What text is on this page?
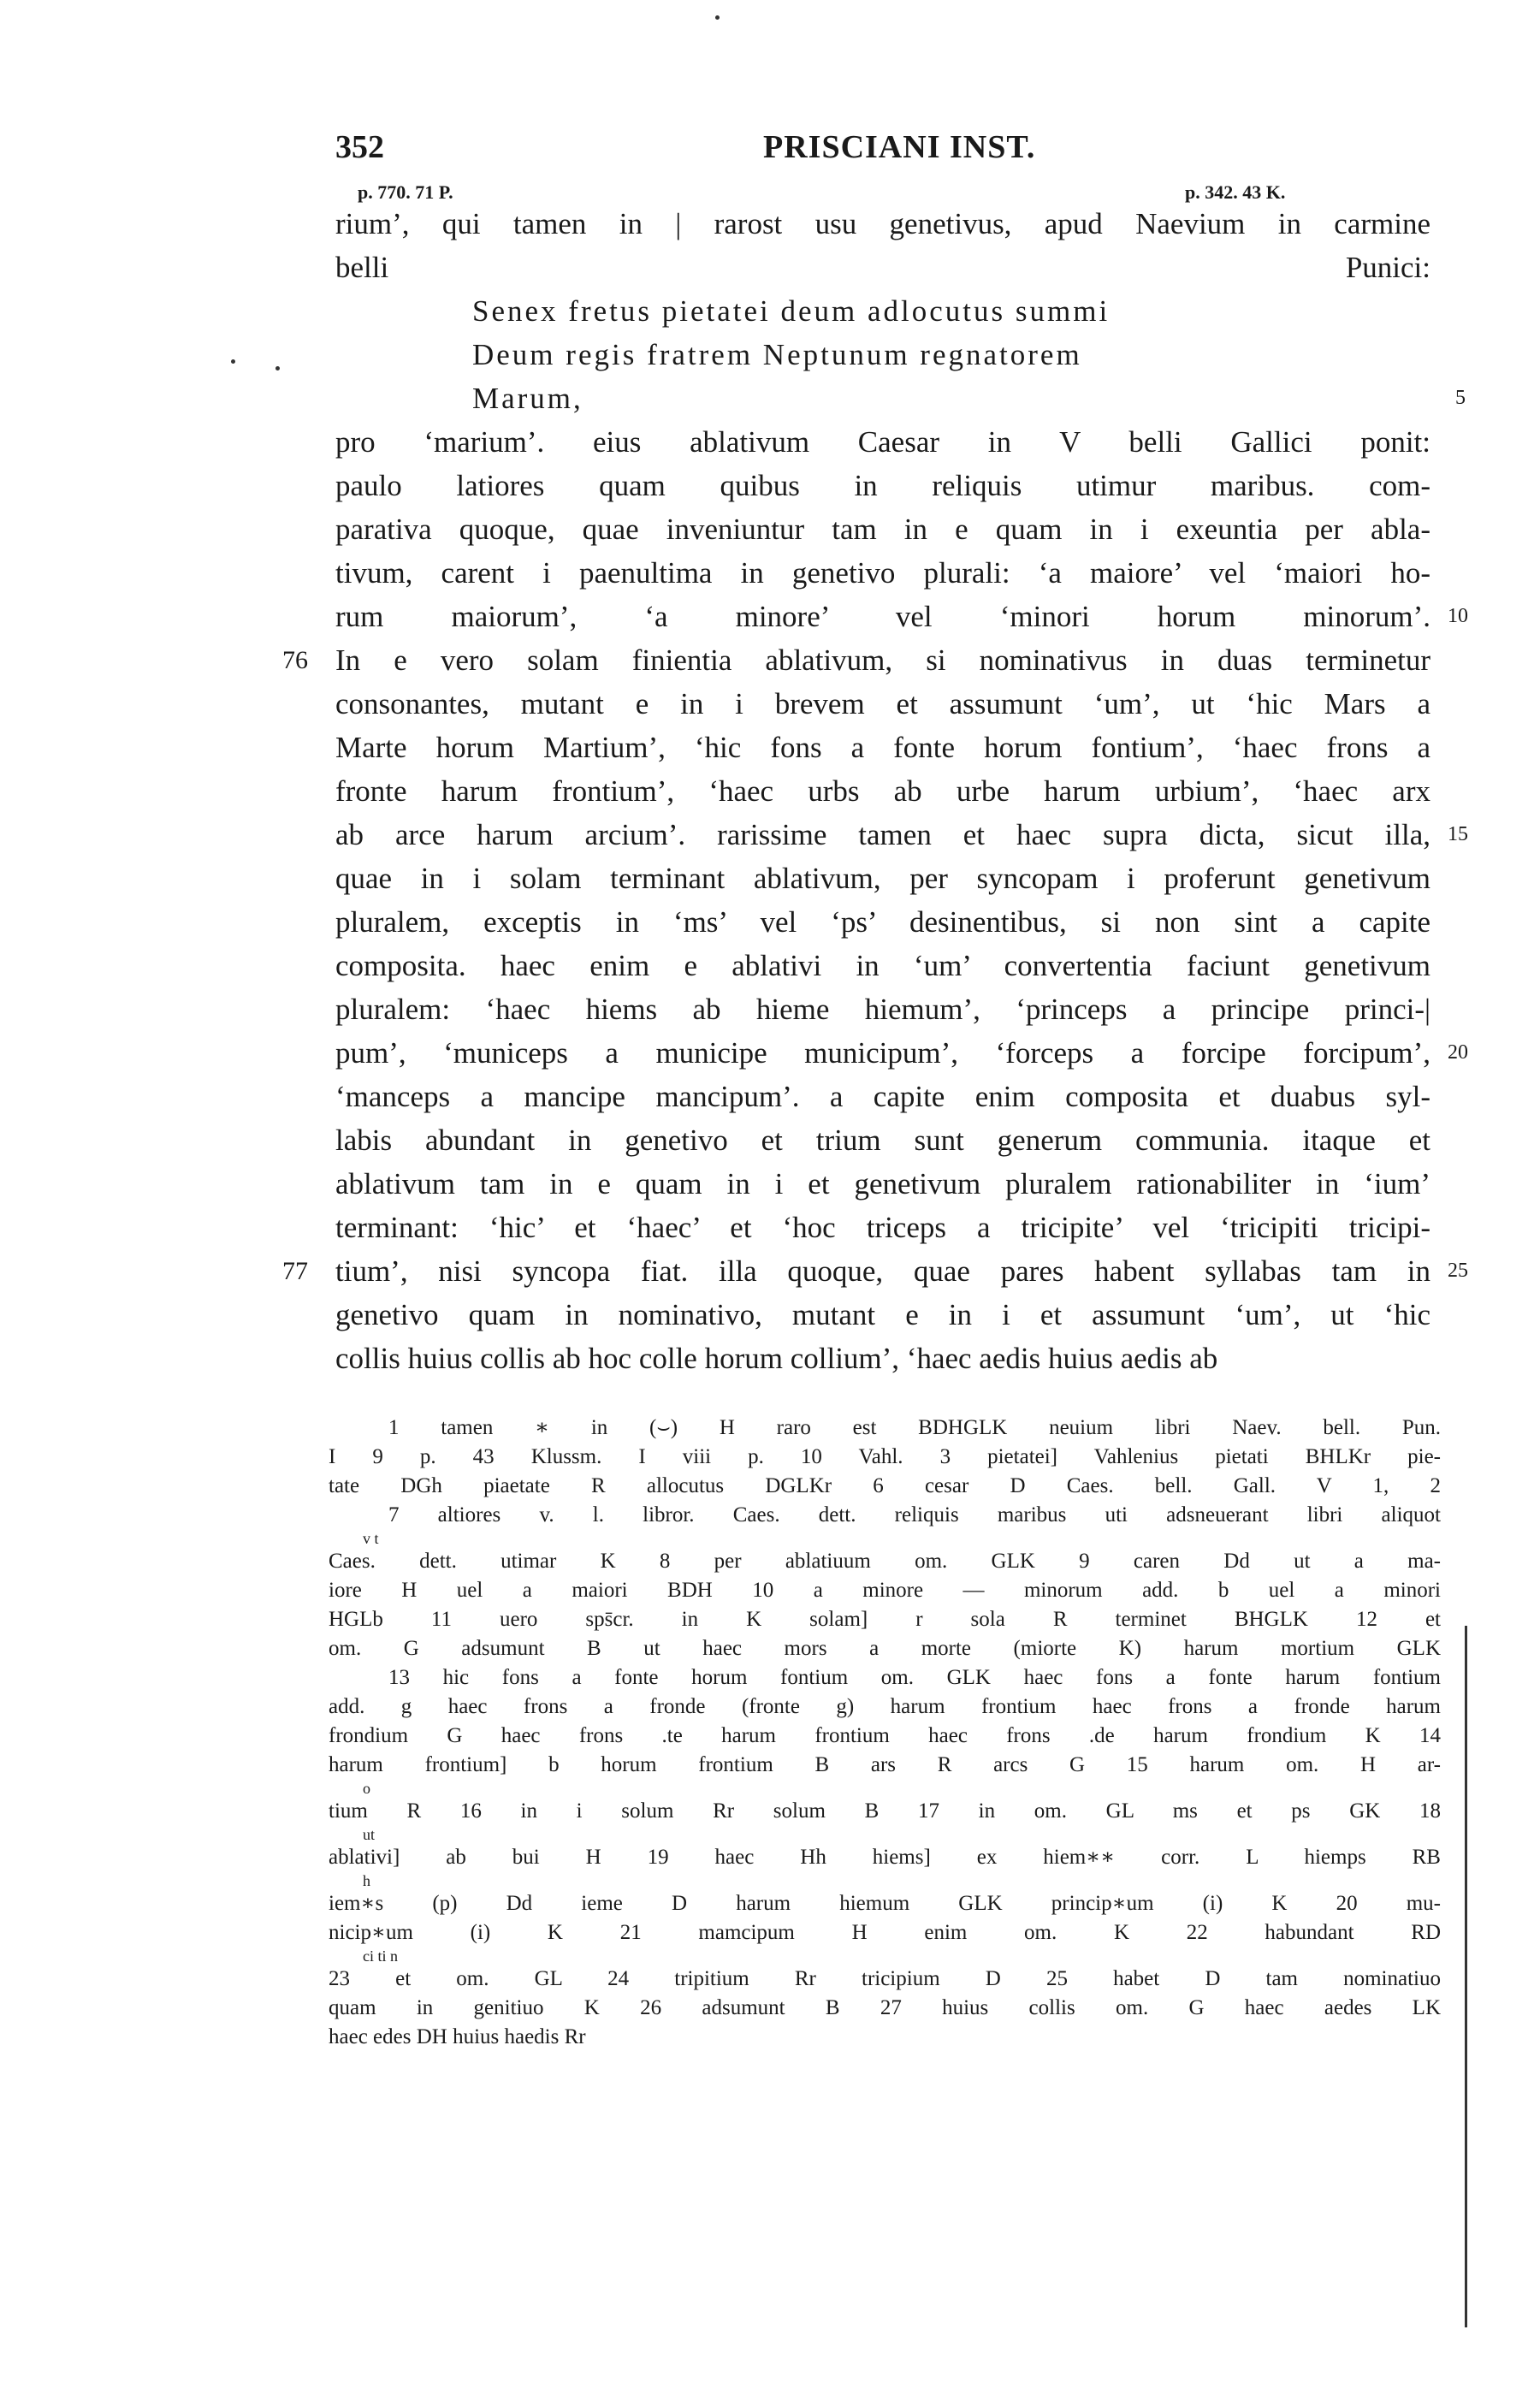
352	PRISCIANI INST.
p. 770. 71 P.	p. 342. 43 K.
rium’, qui tamen in | rarost usu genetivus, apud Naevium in carmine
belli Punici:
Senex fretus pietatei deum adlocutus summi
Deum regis fratrem Neptunum regnatorem
Marum,	5
pro ‘marium’. eius ablativum Caesar in V belli Gallici ponit:
paulo latiores quam quibus in reliquis utimur maribus. com-
parativa quoque, quae inveniuntur tam in e quam in i exeuntia per abla-
tivum, carent i paenultima in genetivo plurali: ‘a maiore’ vel ‘maiori ho-
rum maiorum’, ‘a minore’ vel ‘minori horum minorum’. 10
In e vero solam finientia ablativum, si nominativus in duas terminetur
76
consonantes, mutant e in i brevem et assumunt ‘um’, ut ‘hic Mars a
Marte horum Martium’, ‘hic fons a fonte horum fontium’, ‘haec frons a
fronte harum frontium’, ‘haec urbs ab urbe harum urbium’, ‘haec arx
ab arce harum arcium’. rarissime tamen et haec supra dicta, sicut illa, 15
quae in i solam terminant ablativum, per syncopam i proferunt genetivum
pluralem, exceptis in ‘ms’ vel ‘ps’ desinentibus, si non sint a capite
composita. haec enim e ablativi in ‘um’ convertentia faciunt genetivum
pluralem: ‘haec hiems ab hieme hiemum’, ‘princeps a principe princi-|
pum’, ‘municeps a municipe municipum’, ‘forceps a forcipe forcipum’, 20
‘manceps a mancipe mancipum’. a capite enim composita et duabus syl-
labis abundant in genetivo et trium sunt generum communia. itaque et
ablativum tam in e quam in i et genetivum pluralem rationabiliter in ‘ium’
terminant: ‘hic’ et ‘haec’ et ‘hoc triceps a tricipite’ vel ‘tricipiti tricipi-
tium’, nisi syncopa fiat. illa quoque, quae pares habent syllabas tam in
77	25
genetivo quam in nominativo, mutant e in i et assumunt ‘um’, ut ‘hic
collis huius collis ab hoc colle horum collium’, ‘haec aedis huius aedis ab
1 tamen ∗ in (⌣) H raro est BDHGLK neuium libri Naev. bell. Pun.
I 9 p. 43 Klussm. I viii p. 10 Vahl. 3 pietatei] Vahlenius pietati BHLKr pie-
tate DGh piaetate R allocutus DGLKr 6 cesar D Caes. bell. Gall. V 1, 2
7 altiores v. l. libror. Caes. dett. reliquis maribus uti adsneuerant libri aliquot
v t
Caes. dett. utimar K 8 per ablatiuum om. GLK 9 caren Dd ut a ma-
iore H uel a maiori BDH 10 a minore — minorum add. b uel a minori
HGLb 11 uero sps̄cr. in K solam] r sola R terminet BHGLK 12 et
om. G adsumunt B ut haec mors a morte (miorte K) harum mortium GLK
13 hic fons a fonte horum fontium om. GLK haec fons a fonte harum fontium
add. g haec frons a fronde (fronte g) harum frontium haec frons a fronde harum
frondium G haec frons .te harum frontium haec frons .de harum frondium K 14
harum frontium] b horum frontium B ars R arcs G 15 harum om. H ar-
o
tium R 16 in i solum Rr solum B 17 in om. GL ms et ps GK 18
ut
ablativi] ab bui H 19 haec Hh hiems] ex hiem∗∗ corr. L hiemps RB
h
iem∗s (p) Dd ieme D harum hiemum GLK princip∗um (i) K 20 mu-
nicip∗um (i) K 21 mamcipum H enim om. K 22 habundant RD
ci ti n
23 et om. GL 24 tripitium Rr tricipium D 25 habet D tam nominatiuo
quam in genitiuo K 26 adsumunt B 27 huius collis om. G haec aedes LK
haec edes DH huius haedis Rr
